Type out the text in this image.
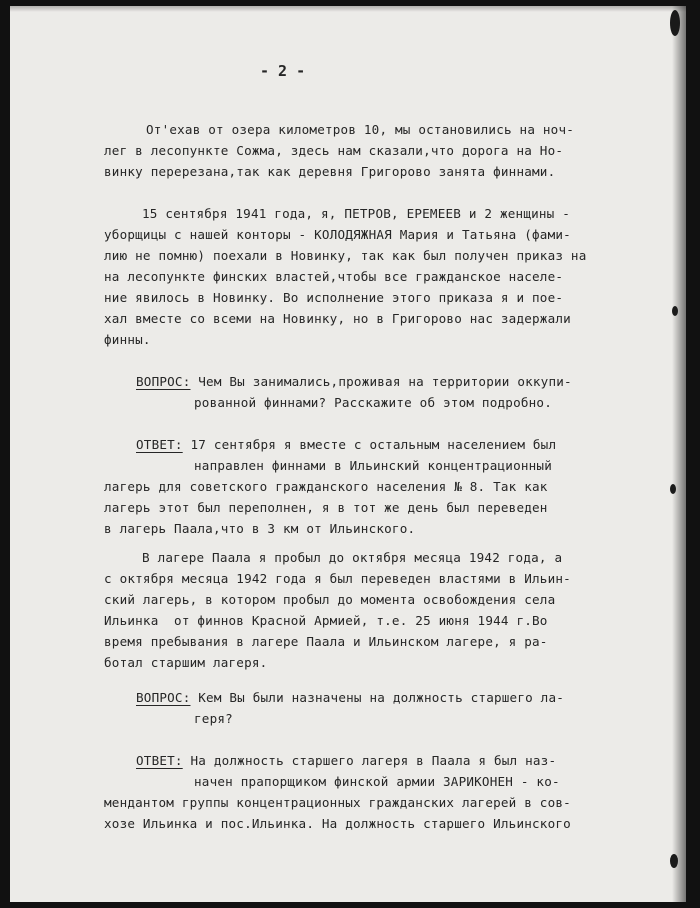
- 2 -
От'ехав от озера километров 10, мы остановились на ноч-
лег в лесопункте Сожма, здесь нам сказали,что дорога на Но-
винку перерезана,так как деревня Григорово занята финнами.
15 сентября 1941 года, я, ПЕТРОВ, ЕРЕМЕЕВ и 2 женщины -
уборщицы с нашей конторы - КОЛОДЯЖНАЯ Мария и Татьяна (фами-
лию не помню) поехали в Новинку, так как был получен приказ на
на лесопункте финских властей,чтобы все гражданское населе-
ние явилось в Новинку. Во исполнение этого приказа я и пое-
хал вместе со всеми на Новинку, но в Григорово нас задержали
финны.
ВОПРОС: Чем Вы занимались,проживая на территории оккупи-
рованной финнами? Расскажите об этом подробно.
ОТВЕТ: 17 сентября я вместе с остальным населением был
направлен финнами в Ильинский концентрационный
лагерь для советского гражданского населения № 8. Так как
лагерь этот был переполнен, я в тот же день был переведен
в лагерь Паала,что в 3 км от Ильинского.
В лагере Паала я пробыл до октября месяца 1942 года, а
с октября месяца 1942 года я был переведен властями в Ильин-
ский лагерь, в котором пробыл до момента освобождения села
Ильинка  от финнов Красной Армией, т.е. 25 июня 1944 г.Во
время пребывания в лагере Паала и Ильинском лагере, я ра-
ботал старшим лагеря.
ВОПРОС: Кем Вы были назначены на должность старшего ла-
геря?
ОТВЕТ: На должность старшего лагеря в Паала я был наз-
начен прапорщиком финской армии ЗАРИКОНЕН - ко-
мендантом группы концентрационных гражданских лагерей в сов-
хозе Ильинка и пос.Ильинка. На должность старшего Ильинского
